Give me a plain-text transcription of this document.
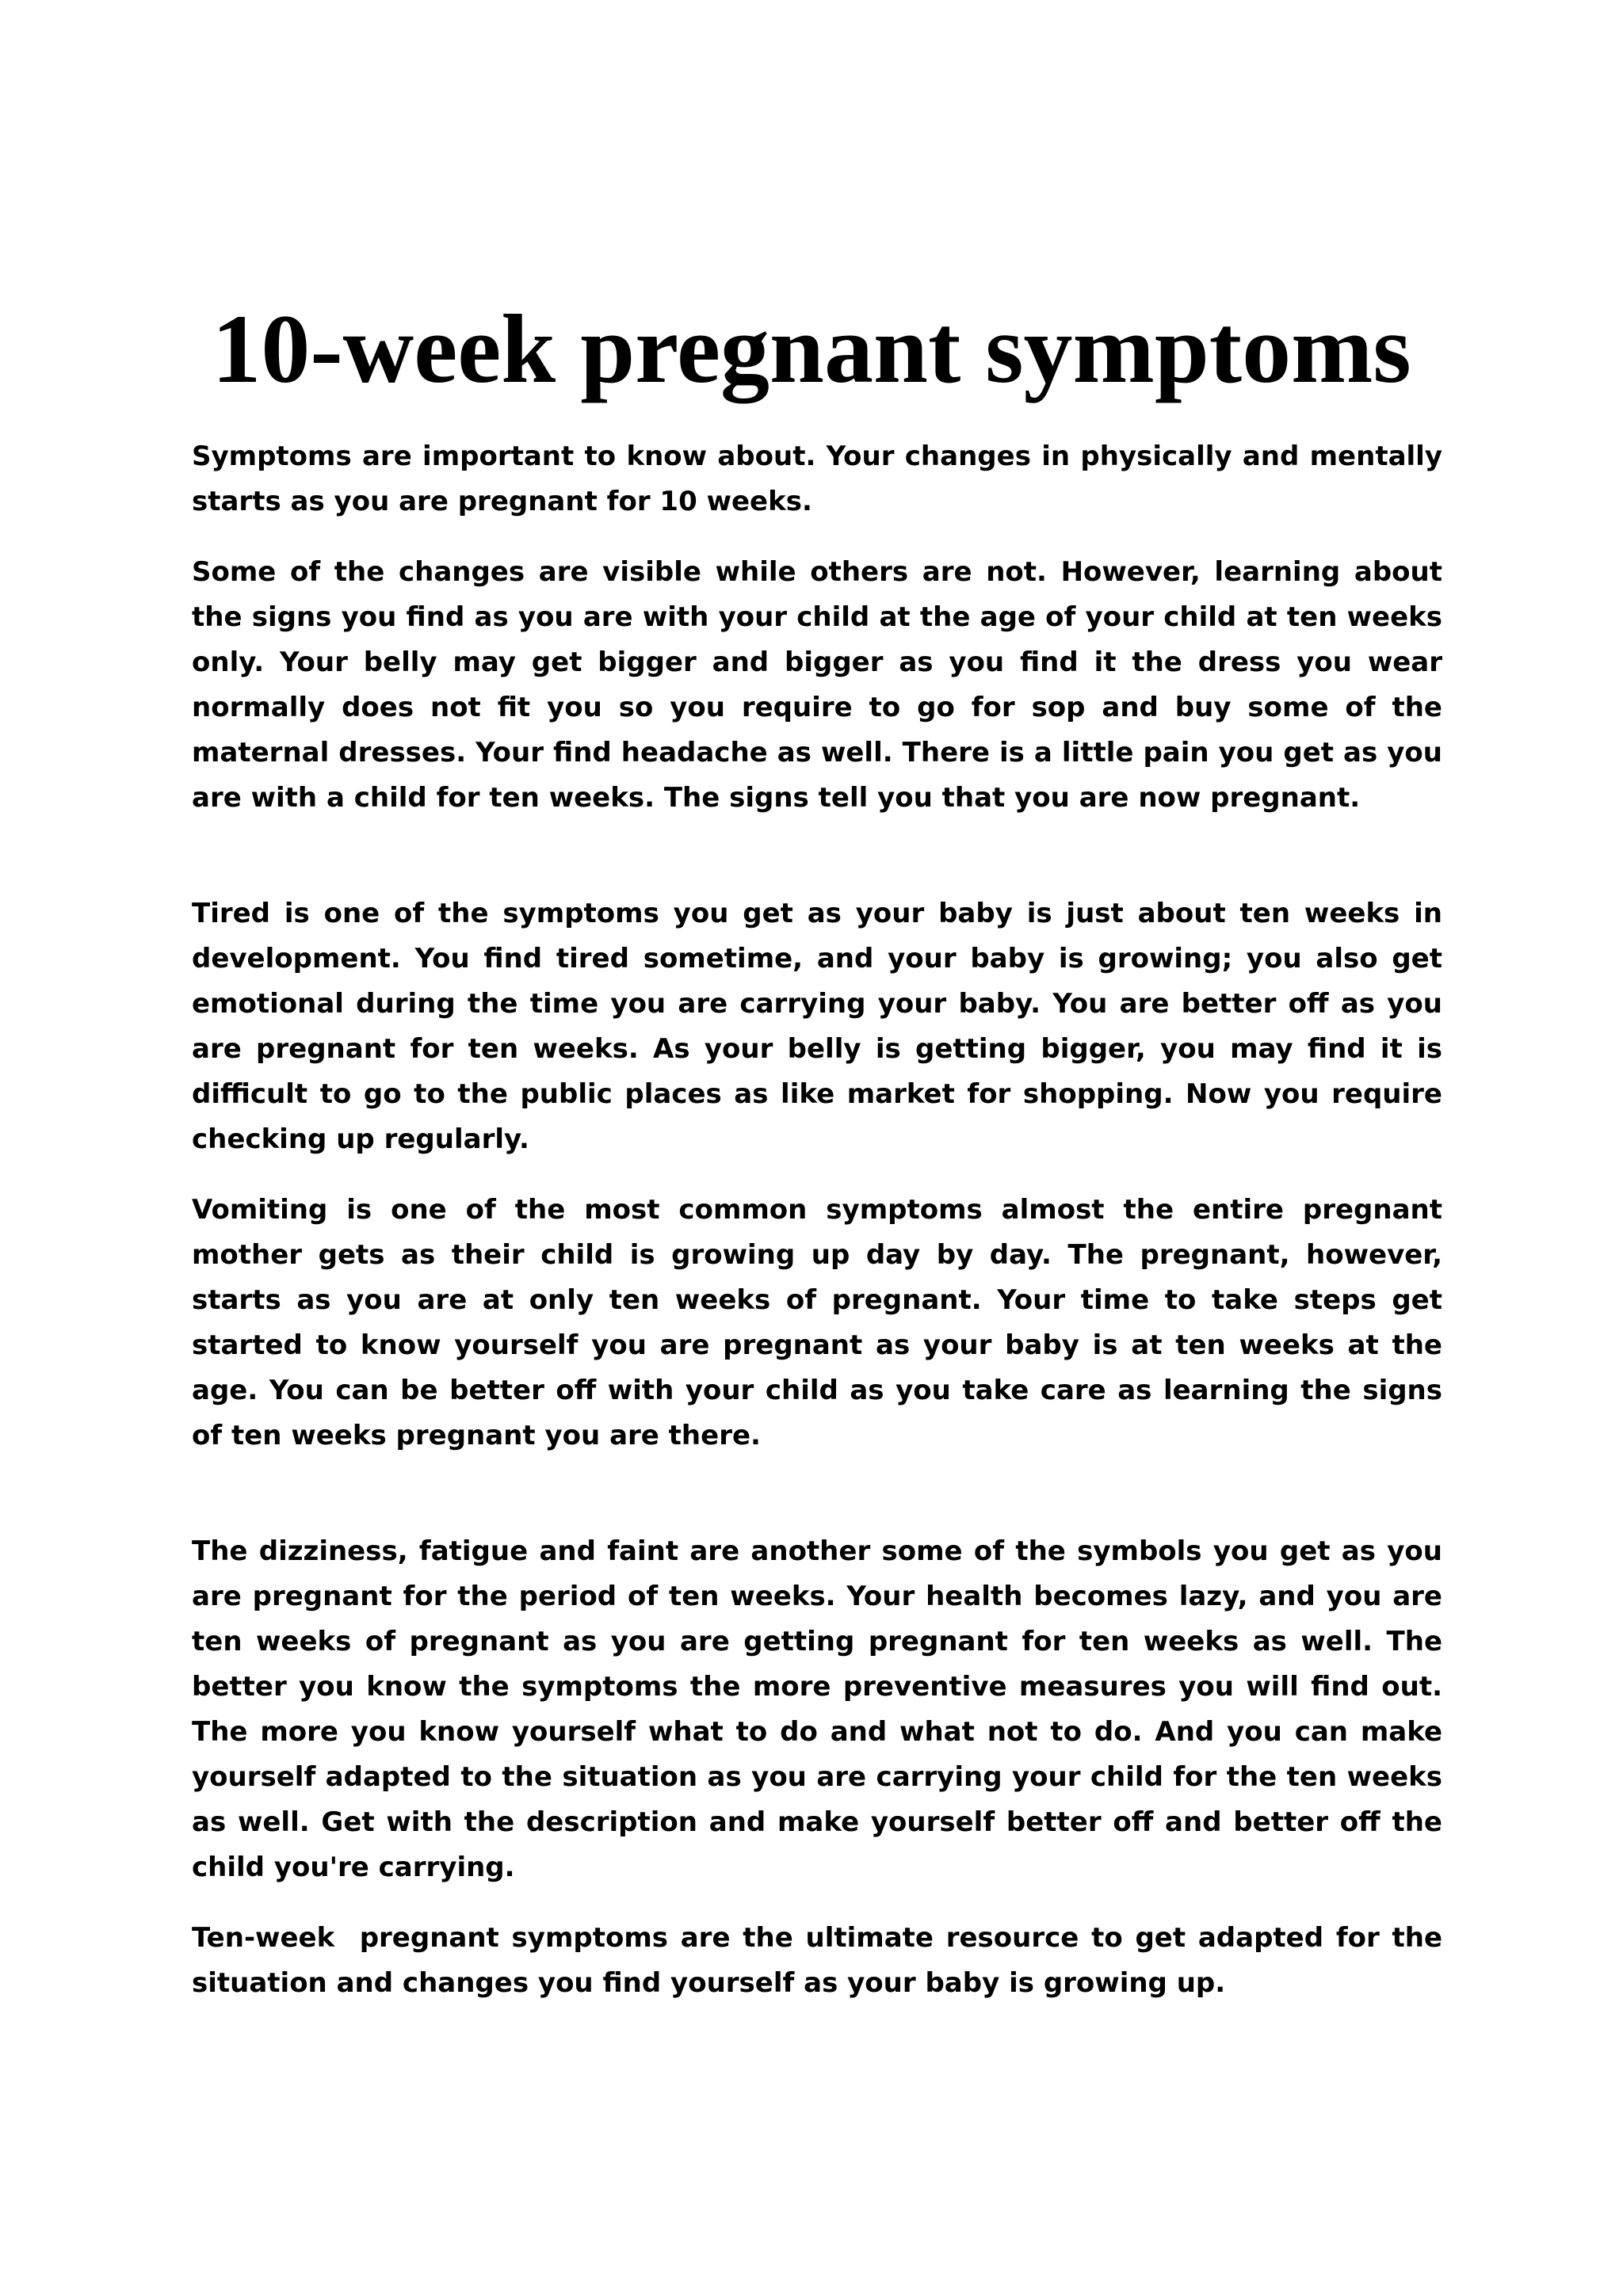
10-week pregnant symptoms

Symptoms are important to know about. Your changes in physically and mentally starts as you are pregnant for 10 weeks.

Some of the changes are visible while others are not. However, learning about the signs you find as you are with your child at the age of your child at ten weeks only. Your belly may get bigger and bigger as you find it the dress you wear normally does not fit you so you require to go for sop and buy some of the maternal dresses. Your find headache as well. There is a little pain you get as you are with a child for ten weeks. The signs tell you that you are now pregnant.

Tired is one of the symptoms you get as your baby is just about ten weeks in development. You find tired sometime, and your baby is growing; you also get emotional during the time you are carrying your baby. You are better off as you are pregnant for ten weeks. As your belly is getting bigger, you may find it is difficult to go to the public places as like market for shopping. Now you require checking up regularly.

Vomiting is one of the most common symptoms almost the entire pregnant mother gets as their child is growing up day by day. The pregnant, however, starts as you are at only ten weeks of pregnant. Your time to take steps get started to know yourself you are pregnant as your baby is at ten weeks at the age. You can be better off with your child as you take care as learning the signs of ten weeks pregnant you are there.

The dizziness, fatigue and faint are another some of the symbols you get as you are pregnant for the period of ten weeks. Your health becomes lazy, and you are ten weeks of pregnant as you are getting pregnant for ten weeks as well. The better you know the symptoms the more preventive measures you will find out. The more you know yourself what to do and what not to do. And you can make yourself adapted to the situation as you are carrying your child for the ten weeks as well. Get with the description and make yourself better off and better off the child you're carrying.

Ten-week  pregnant symptoms are the ultimate resource to get adapted for the situation and changes you find yourself as your baby is growing up.
